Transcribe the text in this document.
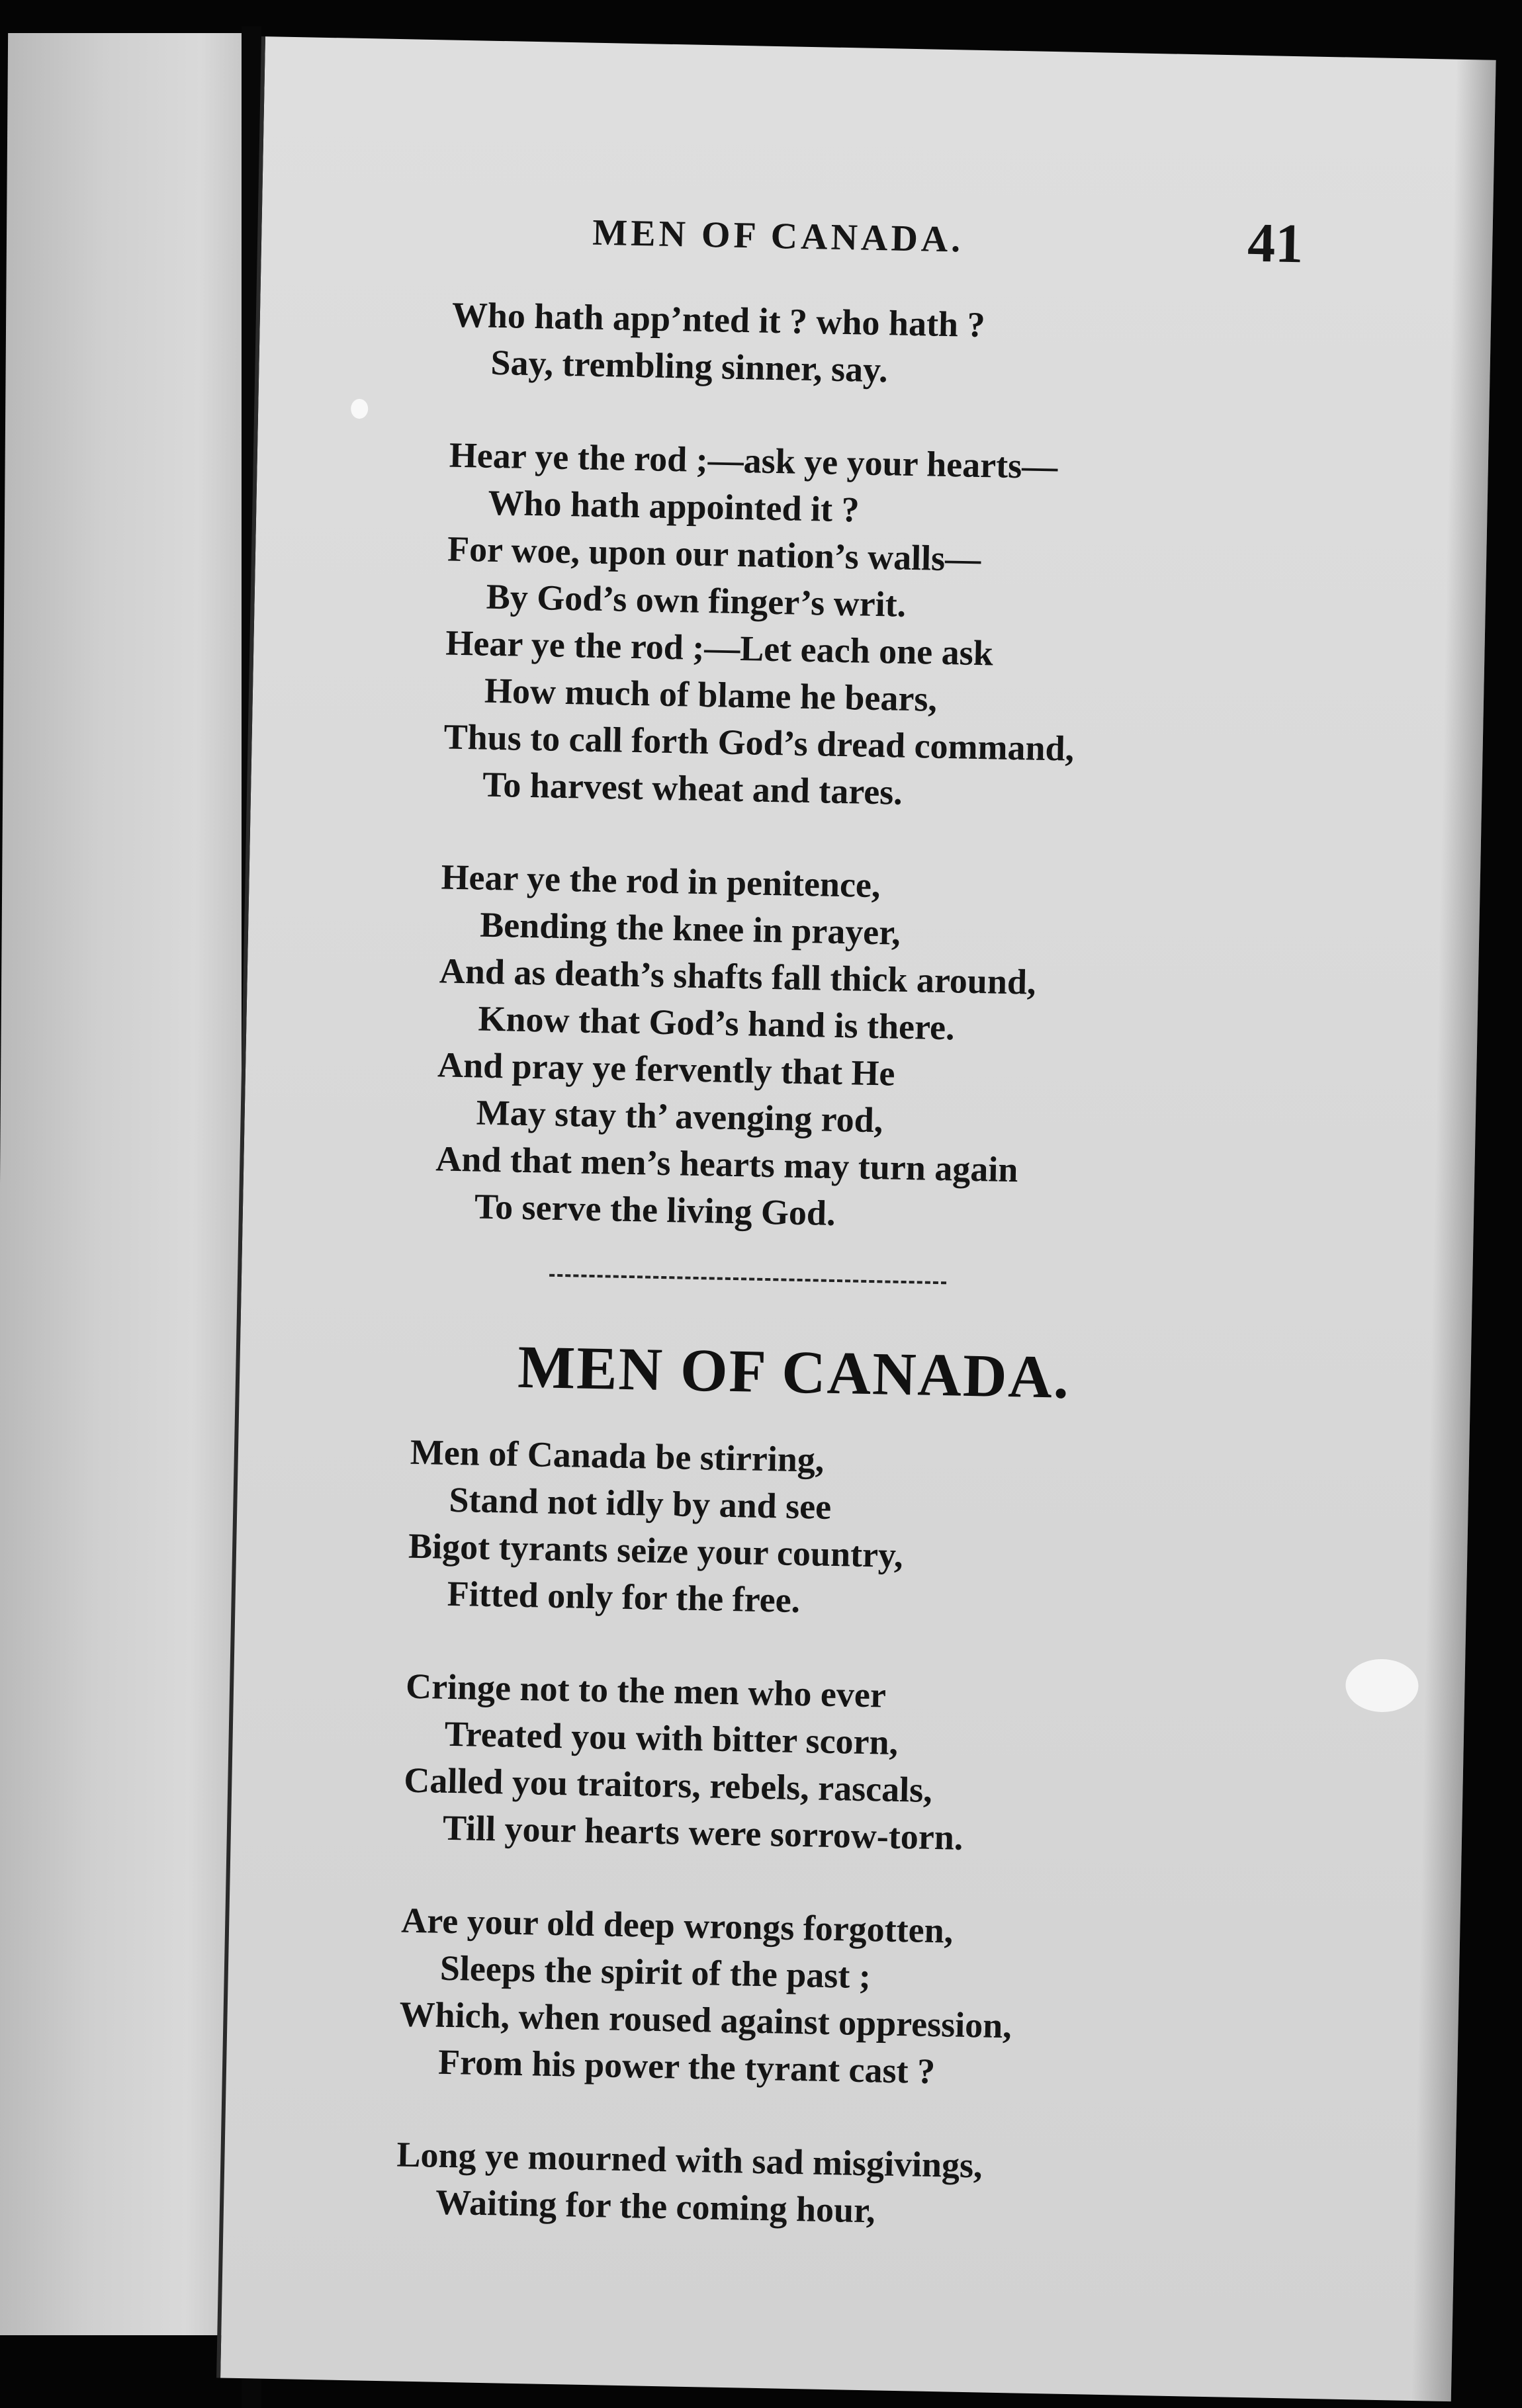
​
MEN OF CANADA.	41
Who hath app’nted it ? who hath ?
Say, trembling sinner, say.
Hear ye the rod ;—ask ye your hearts—
Who hath appointed it ?
For woe, upon our nation’s walls—
By God’s own finger’s writ.
Hear ye the rod ;—Let each one ask
How much of blame he bears,
Thus to call forth God’s dread command,
To harvest wheat and tares.
Hear ye the rod in penitence,
Bending the knee in prayer,
And as death’s shafts fall thick around,
Know that God’s hand is there.
And pray ye fervently that He
May stay th’ avenging rod,
And that men’s hearts may turn again
To serve the living God.
MEN OF CANADA.
Men of Canada be stirring,
Stand not idly by and see
Bigot tyrants seize your country,
Fitted only for the free.
Cringe not to the men who ever
Treated you with bitter scorn,
Called you traitors, rebels, rascals,
Till your hearts were sorrow-torn.
Are your old deep wrongs forgotten,
Sleeps the spirit of the past ;
Which, when roused against oppression,
From his power the tyrant cast ?
Long ye mourned with sad misgivings,
Waiting for the coming hour,
